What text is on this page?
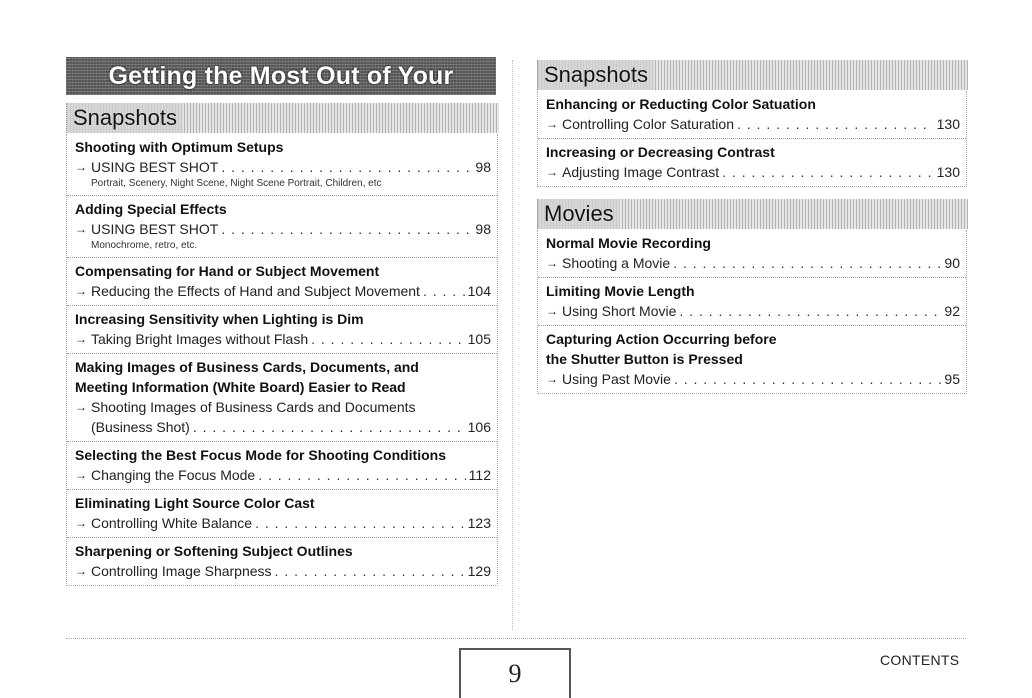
Getting the Most Out of Your
Snapshots
Shooting with Optimum Setups
→ USING BEST SHOT . . .	98
Portrait, Scenery, Night Scene, Night Scene Portrait, Children, etc
Adding Special Effects
→ USING BEST SHOT . . .	98
Monochrome, retro, etc.
Compensating for Hand or Subject Movement
→ Reducing the Effects of Hand and Subject Movement . . .	104
Increasing Sensitivity when Lighting is Dim
→ Taking Bright Images without Flash . . .	105
Making Images of Business Cards, Documents, and
Meeting Information (White Board) Easier to Read
→ Shooting Images of Business Cards and Documents
(Business Shot) . . .	106
Selecting the Best Focus Mode for Shooting Conditions
→ Changing the Focus Mode . . .	112
Eliminating Light Source Color Cast
→ Controlling White Balance . . .	123
Sharpening or Softening Subject Outlines
→ Controlling Image Sharpness . . .	129
Snapshots
Enhancing or Reducting Color Satuation
→ Controlling Color Saturation . . .	130
Increasing or Decreasing Contrast
→ Adjusting Image Contrast . . .	130
Movies
Normal Movie Recording
→ Shooting a Movie . . .	90
Limiting Movie Length
→ Using Short Movie . . .	92
Capturing Action Occurring before
the Shutter Button is Pressed
→ Using Past Movie . . .	95
9	CONTENTS
